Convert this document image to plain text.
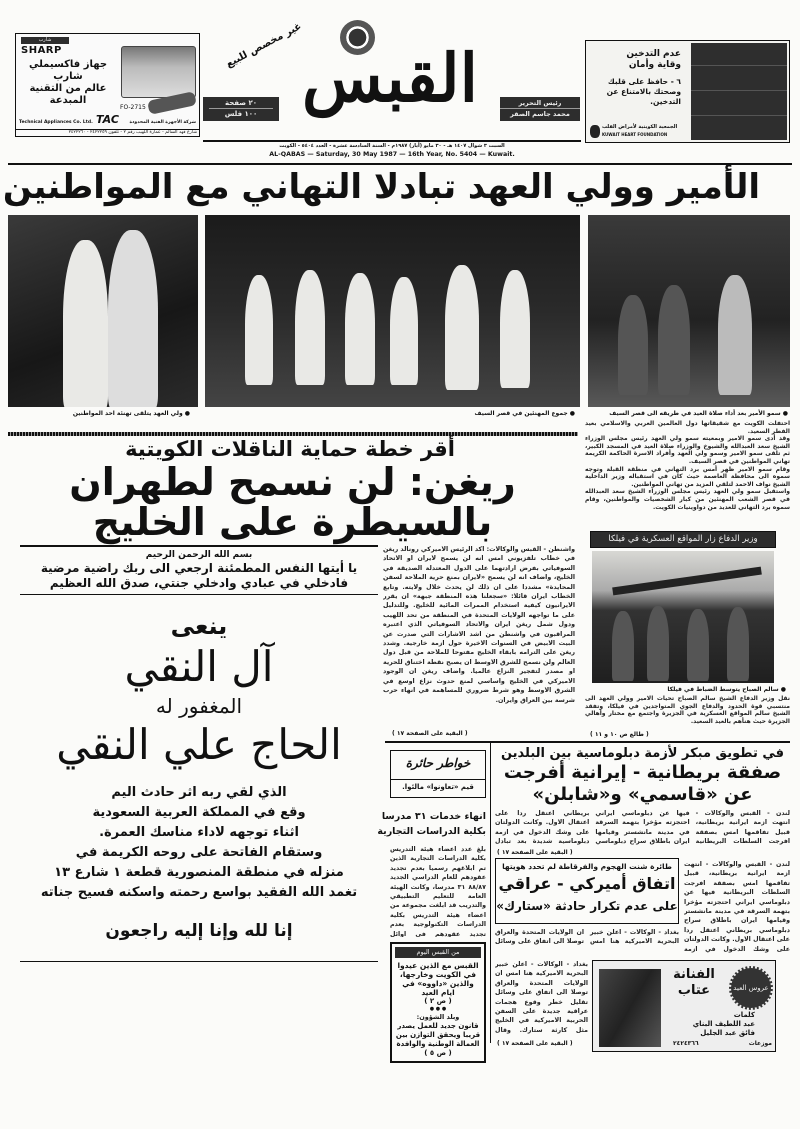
شارب
SHARP
جهاز فاكسيملي
شارب
عالم من التقنية
المبدعة
FO-2715
Technical Appliances Co. Ltd. TAC شركة الأجهزة الفنية المحدودة
شارع فهد السالم - عمارة اللهيب رقم ٢ - تلفون ٢٤٢٢٢٥٩ - ٢٤٢٢٢٦٠
غير مخصص للبيع
٢٠ صفحة
١٠٠ فلس القبس	رئيس التحرير
محمد جاسم الصقر
السبت ٣ شوال ١٤٠٧ هـ - ٣٠ مايو (أيار) ١٩٨٧م - السنة السادسة عشرة - العدد ٥٤٠٤ - الكويت
AL-QABAS — Saturday, 30 May 1987 — 16th Year, No. 5404 — Kuwait.
عدم التدخين
وقاية وأمان
٦ - حافظ على قلبك وصحتك بالامتناع عن التدخين.
الجمعية الكويتية لأمراض القلب
KUWAIT HEART FOUNDATION
الأمير وولي العهد تبادلا التهاني مع المواطنين
● ولي العهد يتلقى تهنئة احد المواطنين	● جموع المهنئين في قصر السيف	● سمو الأمير بعد أداء صلاة العيد في طريقه الى قصر السيف

احتفلت الكويت مع شقيقاتها دول العالمين العربي والاسلامي بعيد الفطر السعيد.

وقد أدى سمو الامير وبمعيته سمو ولي العهد رئيس مجلس الوزراء الشيخ سعد العبدالله والشيوخ والوزراء صلاة العيد في المسجد الكبير، ثم تلقى سمو الامير وسمو ولي العهد وأفراد الاسرة الحاكمة الكريمة تهاني المواطنين في قصر السيف.

وقام سمو الامير ظهر أمس برد التهاني في منطقة القبلة وتوجه سموه الى محافظة العاصمة حيث كان في استقباله وزير الداخلية الشيخ نواف الاحمد لتلقي المزيد من تهاني المواطنين.

واستقبل سمو ولي العهد رئيس مجلس الوزراء الشيخ سعد العبدالله في قصر الشعب المهنئين من كبار الشخصيات والمواطنين، وقام سموه برد التهاني للعديد من دواوينيات الكويت.

أقر خطة حماية الناقلات الكويتية
ريغن: لن نسمح لطهران
بالسيطرة على الخليج
واشنطن - القبس والوكالات: اكد الرئيس الاميركي رونالد ريغن في خطاب تلفزيوني امس انه لن يسمح لايران او الاتحاد السوفياتي بفرض ارادتهما على الدول المعتدلة الصديقة في الخليج، واضاف انه لن يسمح «لايران بمنع حرية الملاحة لسفن المحايدة» مشددا على ان ذلك لن يحدث خلال ولايته. وتابع الخطاب ايران قائلا: «سجعلنا هذه المنطقة جبهة» ان يقرر الايرانيون كيفية استخدام الممرات المائية للخليج. وللتدليل على ما تواجهه الولايات المتحدة في المنطقة من تحد اللهيب ودول شمل ريغن ايران والاتحاد السوفياتي الذي اعتبره المراقبون في واشنطن من اشد الاشارات التي صدرت عن البيت الابيض في السنوات الاخيرة حول ازمة خارجية. وشدد ريغن على الترامه بابقاء الخليج مفتوحا للملاحة من قبل دول العالم ولن نسمح للشرق الاوسط ان يصبح نقطة اختناق للحرية او مصدر لتفجير النزاع عالميا. واضاف ريغن ان الوجود الاميركي في الخليج واساسي لمنع حدوث نزاع اوسع في الشرق الاوسط وهو شرط ضروري للمساهمة في انهاء حرب شرسة بين العراق وايران.
( البقية على الصفحة ١٧ )
بسم الله الرحمن الرحيم
يا أيتها النفس المطمئنة ارجعي الى ربك راضية مرضية
فادخلي في عبادي وادخلي جنتي، صدق الله العظيم
ينعى
آل النقي
المغفور له
الحاج علي النقي
الذي لقي ربه اثر حادث اليم
وقع في المملكة العربية السعودية
اثناء توجهه لاداء مناسك العمرة.
وستقام الفاتحة على روحه الكريمة في
منزله في منطقة المنصورية قطعة ١ شارع ١٣
تغمد الله الفقيد بواسع رحمته واسكنه فسيح جناته
إنا لله وإنا إليه راجعون
وزير الدفاع زار المواقع العسكرية في فيلكا
● سالم الصباح يتوسط الضباط في فيلكا
نقل وزير الدفاع الشيخ سالم الصباح تحيات الامير وولي العهد الى منتسبي قوة الحدود والدفاع الجوي المتواجدين في فيلكا، وتفقد الشيخ سالم المواقع العسكرية في الجزيرة واجتمع مع مختار وأهالي الجزيرة حيث هنأهم بالعيد السعيد.
( طالع ص ١٠ و ١١ )
في تطويق مبكر لأزمة دبلوماسية بين البلدين
صفقة بريطانية - إيرانية أفرجت
عن «قاسمي» و«شابلن»
لندن - القبس والوكالات - انتهت ازمة ايرانية بريطانية، قبيل تفاقمها امس بصفقة افرجت السلطات البريطانية فيها عن دبلوماسي ايراني احتجزته مؤخرا بتهمة السرقة في مدينة مانشستر وقيامها ايران باطلاق سراح دبلوماسي بريطاني اعتقل ردا على اعتقال الاول. وكانت الدولتان على وشك الدخول في ازمة دبلوماسية شديدة بعد تبادل
( البقية على الصفحة ١٧ )
لندن - القبس والوكالات - انتهت ازمة ايرانية بريطانية، قبيل تفاقمها امس بصفقة افرجت السلطات البريطانية فيها عن دبلوماسي ايراني احتجزته مؤخرا بتهمة السرقة في مدينة مانشستر وقيامها ايران باطلاق سراح دبلوماسي بريطاني اعتقل ردا على اعتقال الاول. وكانت الدولتان على وشك الدخول في ازمة
طائرة شنت الهجوم والفرقاطة لم تحدد هويتها
اتفاق أميركي - عراقي
على عدم تكرار حادثة «ستارك»
بغداد - الوكالات - اعلن خبير البحرية الاميركية هنا امس ان الولايات المتحدة والعراق توصلا الى اتفاق على وسائل
بغداد - الوكالات - اعلن خبير البحرية الاميركية هنا امس ان الولايات المتحدة والعراق توصلا الى اتفاق على وسائل تقليل خطر وقوع هجمات عراقية جديدة على السفن الحربية الاميركية في الخليج مثل كارثة ستارك. وقال
( البقية على الصفحة ١٧ )
الفنانة عتاب	عروس العيد
كلمات
عبد اللطيف البناي
فائق عبد الجليل
موزعات
٢٤٢٤٣٦٦
خواطر حائرة
قيم «تعاونوا» مالئوا.
انهاء خدمات ٣١ مدرسا
بكلية الدراسات التجارية
بلغ عدد اعضاء هيئة التدريس بكلية الدراسات التجارية الذين تم ابلاغهم رسميا بعدم تجديد عقودهم للعام الدراسي الجديد ٨٨/٨٧ ٣١ مدرسا، وكانت الهيئة العامة للتعليم التطبيقي والتدريب قد ابلغت مجموعة من اعضاء هيئة التدريس بكلية الدراسات التكنولوجية بعدم تجديد عقودهم في اوائل
من القبس اليوم
القبس مع الذين عيدوا في الكويت وخارجها، والذين «داووه» في ايام العيد
( ص ٢ )
● ● ●
وبلد الشؤون:
قانون جديد للعمل يصدر قريبا ويحقق التوازن بين العمالة الوطنية والوافدة
( ص ٥ )
